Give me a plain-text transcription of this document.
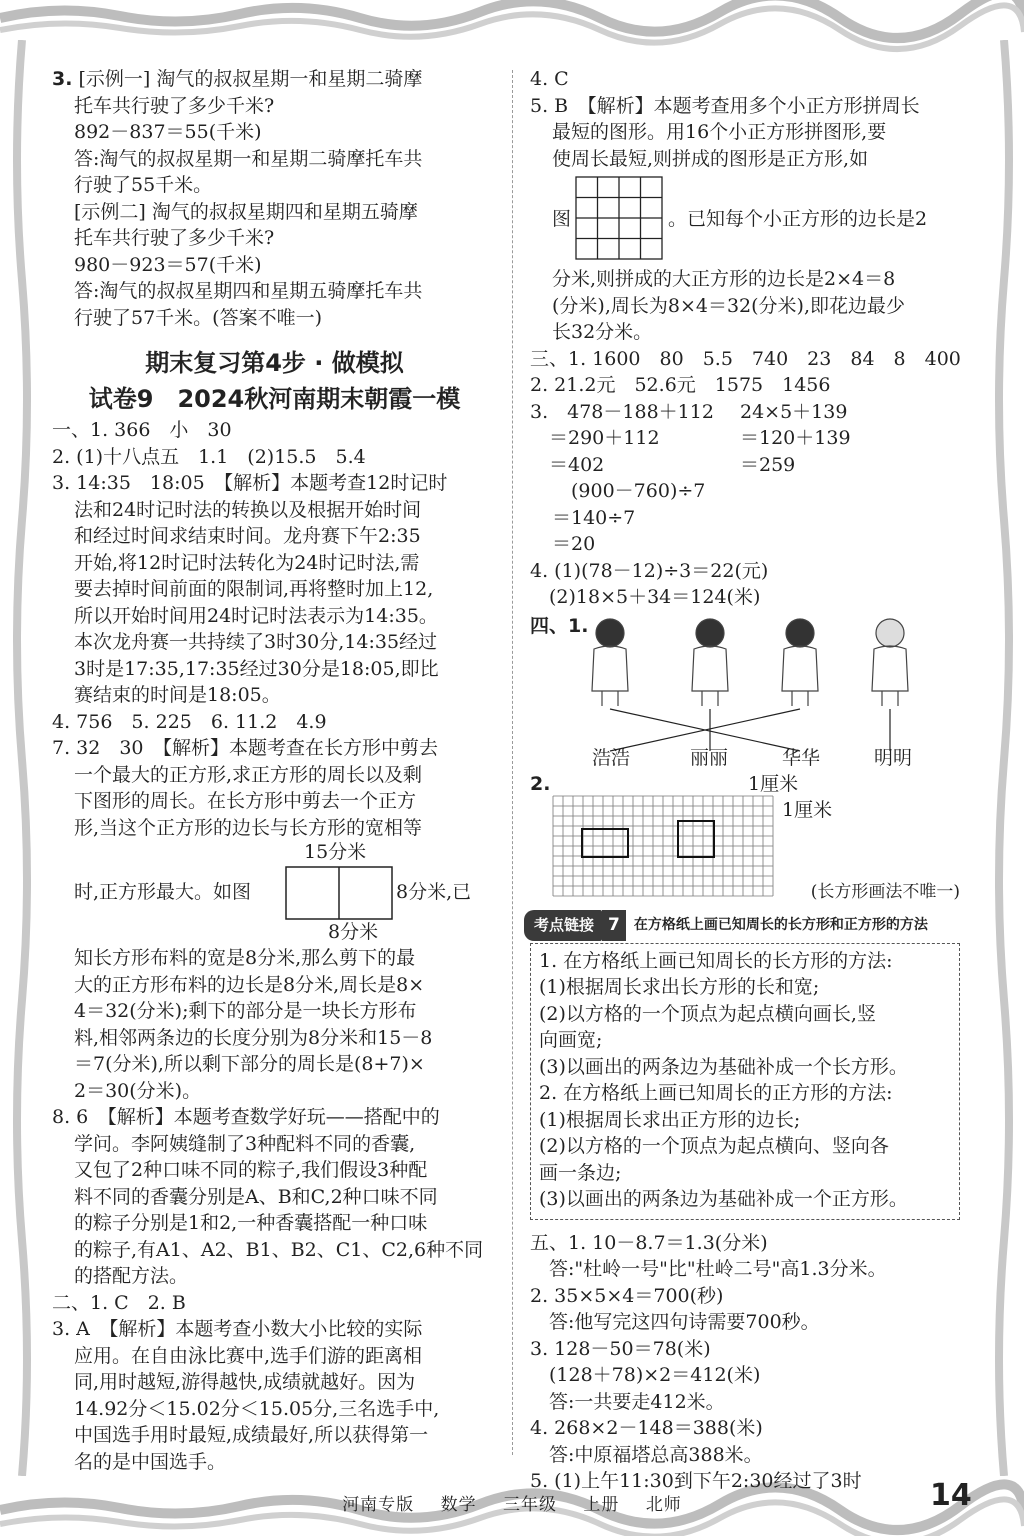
3. [示例一] 淘气的叔叔星期一和星期二骑摩
托车共行驶了多少千米?
892－837＝55(千米)
答:淘气的叔叔星期一和星期二骑摩托车共
行驶了55千米。
[示例二] 淘气的叔叔星期四和星期五骑摩
托车共行驶了多少千米?
980－923＝57(千米)
答:淘气的叔叔星期四和星期五骑摩托车共
行驶了57千米。(答案不唯一)
期末复习第4步 · 做模拟
试卷9　2024秋河南期末朝霞一模
一、1. 366　小　30
2. (1)十八点五　1.1　(2)15.5　5.4
3. 14:35　18:05　【解析】本题考查12时记时
法和24时记时法的转换以及根据开始时间
和经过时间求结束时间。龙舟赛下午2:35
开始,将12时记时法转化为24时记时法,需
要去掉时间前面的限制词,再将整时加上12,
所以开始时间用24时记时法表示为14:35。
本次龙舟赛一共持续了3时30分,14:35经过
3时是17:35,17:35经过30分是18:05,即比
赛结束的时间是18:05。
4. 756　5. 225　6. 11.2　4.9
7. 32　30　【解析】本题考查在长方形中剪去
一个最大的正方形,求正方形的周长以及剩
下图形的周长。在长方形中剪去一个正方
形,当这个正方形的边长与长方形的宽相等
时,正方形最大。如图
15分米
8分米,已
8分米
知长方形布料的宽是8分米,那么剪下的最
大的正方形布料的边长是8分米,周长是8×
4＝32(分米);剩下的部分是一块长方形布
料,相邻两条边的长度分别为8分米和15－8
＝7(分米),所以剩下部分的周长是(8+7)×
2＝30(分米)。
8. 6　【解析】本题考查数学好玩——搭配中的
学问。李阿姨缝制了3种配料不同的香囊,
又包了2种口味不同的粽子,我们假设3种配
料不同的香囊分别是A、B和C,2种口味不同
的粽子分别是1和2,一种香囊搭配一种口味
的粽子,有A1、A2、B1、B2、C1、C2,6种不同
的搭配方法。
二、1. C　2. B
3. A　【解析】本题考查小数大小比较的实际
应用。在自由泳比赛中,选手们游的距离相
同,用时越短,游得越快,成绩就越好。因为
14.92分＜15.02分＜15.05分,三名选手中,
中国选手用时最短,成绩最好,所以获得第一
名的是中国选手。
4. C
5. B　【解析】本题考查用多个小正方形拼周长
最短的图形。用16个小正方形拼图形,要
使周长最短,则拼成的图形是正方形,如
图	。已知每个小正方形的边长是2
分米,则拼成的大正方形的边长是2×4＝8
(分米),周长为8×4＝32(分米),即花边最少
长32分米。
三、1. 1600　80　5.5　740　23　84　8　400
2. 21.2元　52.6元　1575　1456
3.　478－188＋112	24×5＋139
　＝290＋112	＝120＋139
　＝402	＝259
　(900－760)÷7
＝140÷7
＝20
4. (1)(78－12)÷3＝22(元)
　(2)18×5＋34＝124(米)
四、1.
浩浩	丽丽	华华	明明
2.	1厘米
1厘米
(长方形画法不唯一)
考点链接 7	在方格纸上画已知周长的长方形和正方形的方法
1. 在方格纸上画已知周长的长方形的方法:
(1)根据周长求出长方形的长和宽;
(2)以方格的一个顶点为起点横向画长,竖
向画宽;
(3)以画出的两条边为基础补成一个长方形。
2. 在方格纸上画已知周长的正方形的方法:
(1)根据周长求出正方形的边长;
(2)以方格的一个顶点为起点横向、竖向各
画一条边;
(3)以画出的两条边为基础补成一个正方形。
五、1. 10－8.7＝1.3(分米)
　答:"杜岭一号"比"杜岭二号"高1.3分米。
2. 35×5×4＝700(秒)
　答:他写完这四句诗需要700秒。
3. 128－50＝78(米)
　(128＋78)×2＝412(米)
　答:一共要走412米。
4. 268×2－148＝388(米)
　答:中原福塔总高388米。
5. (1)上午11:30到下午2:30经过了3时
河南专版 数学 三年级 上册 北师	14
